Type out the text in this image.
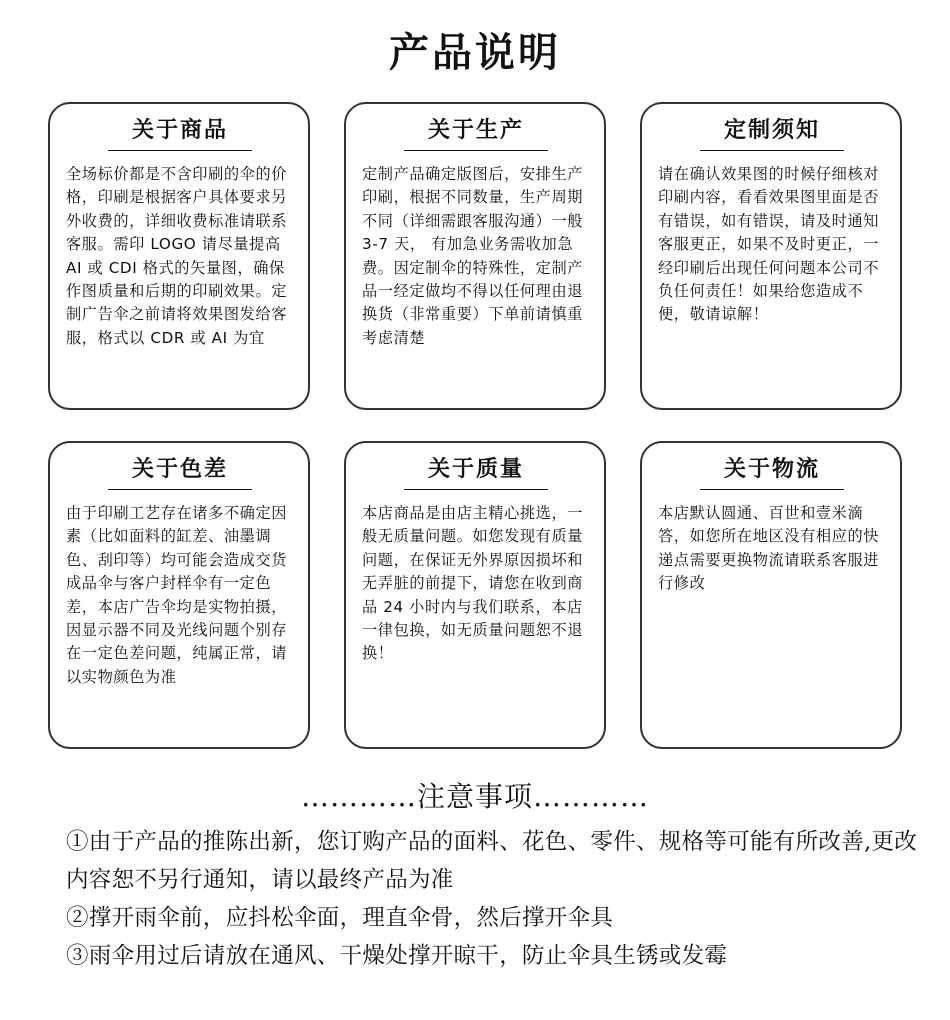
产品说明
关于商品
全场标价都是不含印刷的伞的价格，印刷是根据客户具体要求另外收费的，详细收费标准请联系客服。需印 LOGO 请尽量提高 AI 或 CDI 格式的矢量图，确保作图质量和后期的印刷效果。定制广告伞之前请将效果图发给客服，格式以 CDR 或 AI 为宜
关于生产
定制产品确定版图后，安排生产印刷，根据不同数量，生产周期不同（详细需跟客服沟通）一般 3-7 天， 有加急业务需收加急费。因定制伞的特殊性，定制产品一经定做均不得以任何理由退换货（非常重要）下单前请慎重考虑清楚
定制须知
请在确认效果图的时候仔细核对印刷内容，看看效果图里面是否有错误，如有错误，请及时通知客服更正，如果不及时更正，一经印刷后出现任何问题本公司不负任何责任！如果给您造成不便，敬请谅解！
关于色差
由于印刷工艺存在诸多不确定因素（比如面料的缸差、油墨调色、刮印等）均可能会造成交货成品伞与客户封样伞有一定色差，本店广告伞均是实物拍摄，因显示器不同及光线问题个别存在一定色差问题，纯属正常，请以实物颜色为准
关于质量
本店商品是由店主精心挑选，一般无质量问题。如您发现有质量问题，在保证无外界原因损坏和无弄脏的前提下，请您在收到商品 24 小时内与我们联系，本店一律包换，如无质量问题恕不退换！
关于物流
本店默认圆通、百世和壹米滴答，如您所在地区没有相应的快递点需要更换物流请联系客服进行修改
…………注意事项…………
①由于产品的推陈出新，您订购产品的面料、花色、零件、规格等可能有所改善,更改内容恕不另行通知，请以最终产品为准
②撑开雨伞前，应抖松伞面，理直伞骨，然后撑开伞具
③雨伞用过后请放在通风、干燥处撑开晾干，防止伞具生锈或发霉
